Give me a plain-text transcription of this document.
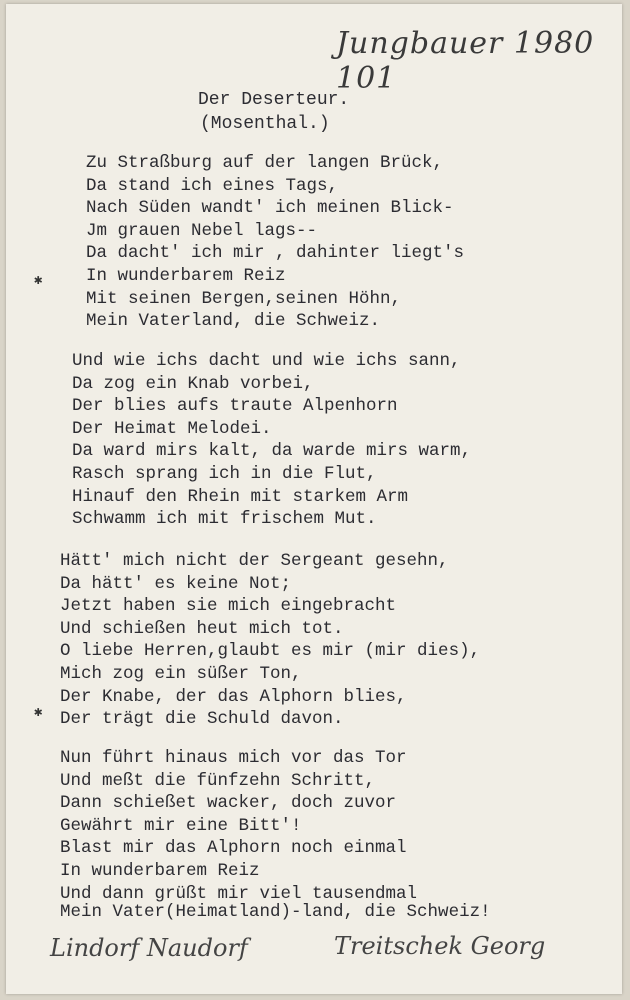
Jungbauer 1980 101
Der Deserteur.
(Mosenthal.)
Zu Straßburg auf der langen Brück,
Da stand ich eines Tags,
Nach Süden wandt' ich meinen Blick-
Jm grauen Nebel lags--
Da dacht' ich mir , dahinter liegt's
In wunderbarem Reiz
Mit seinen Bergen,seinen Höhn,
Mein Vaterland, die Schweiz.
✱
Und wie ichs dacht und wie ichs sann,
Da zog ein Knab vorbei,
Der blies aufs traute Alpenhorn
Der Heimat Melodei.
Da ward mirs kalt, da warde mirs warm,
Rasch sprang ich in die Flut,
Hinauf den Rhein mit starkem Arm
Schwamm ich mit frischem Mut.
Hätt' mich nicht der Sergeant gesehn,
Da hätt' es keine Not;
Jetzt haben sie mich eingebracht
Und schießen heut mich tot.
O liebe Herren,glaubt es mir (mir dies),
Mich zog ein süßer Ton,
Der Knabe, der das Alphorn blies,
Der trägt die Schuld davon.
✱
Nun führt hinaus mich vor das Tor
Und meßt die fünfzehn Schritt,
Dann schießet wacker, doch zuvor
Gewährt mir eine Bitt'!
Blast mir das Alphorn noch einmal
In wunderbarem Reiz
Und dann grüßt mir viel tausendmal
Mein Vater(Heimatland)-land, die Schweiz!
Lindorf Naudorf	Treitschek Georg
